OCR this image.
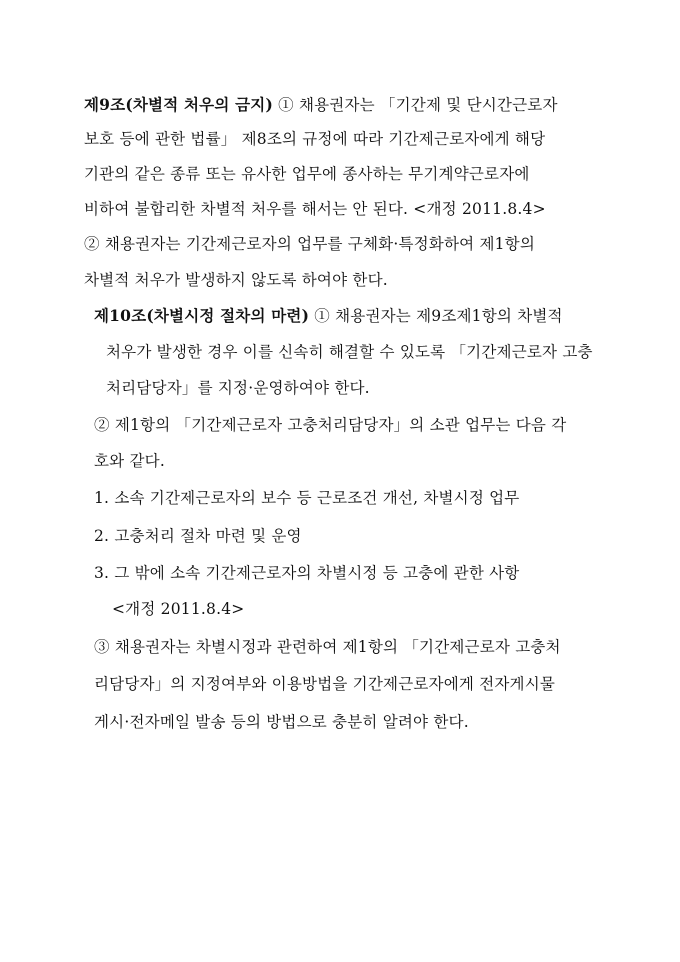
제9조(차별적 처우의 금지) ① 채용권자는 「기간제 및 단시간근로자
보호 등에 관한 법률」 제8조의 규정에 따라 기간제근로자에게 해당
기관의 같은 종류 또는 유사한 업무에 종사하는 무기계약근로자에
비하여 불합리한 차별적 처우를 해서는 안 된다. <개정 2011.8.4>
② 채용권자는 기간제근로자의 업무를 구체화·특정화하여 제1항의
차별적 처우가 발생하지 않도록 하여야 한다.
제10조(차별시정 절차의 마련) ① 채용권자는 제9조제1항의 차별적
처우가 발생한 경우 이를 신속히 해결할 수 있도록 「기간제근로자 고충
처리담당자」를 지정·운영하여야 한다.
② 제1항의 「기간제근로자 고충처리담당자」의 소관 업무는 다음 각
호와 같다.
1. 소속 기간제근로자의 보수 등 근로조건 개선, 차별시정 업무
2. 고충처리 절차 마련 및 운영
3. 그 밖에 소속 기간제근로자의 차별시정 등 고충에 관한 사항
<개정 2011.8.4>
③ 채용권자는 차별시정과 관련하여 제1항의 「기간제근로자 고충처
리담당자」의 지정여부와 이용방법을 기간제근로자에게 전자게시물
게시·전자메일 발송 등의 방법으로 충분히 알려야 한다.
